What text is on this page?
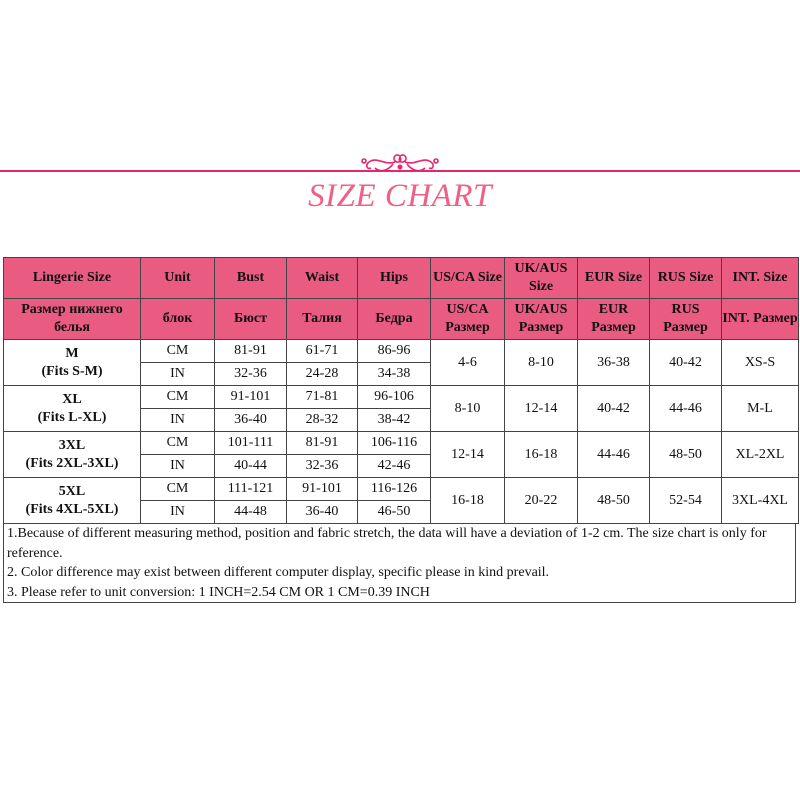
SIZE CHART
Lingerie Size	Unit	Bust	Waist	Hips	US/CA Size	UK/AUS Size	EUR Size	RUS Size	INT. Size
Размер нижнего белья	блок	Бюст	Талия	Бедра	US/CA Размер	UK/AUS Размер	EUR Размер	RUS Размер	INT. Размер

M
(Fits S-M)	CM	81-91	61-71	86-96	4-6	8-10	36-38	40-42	XS-S
	IN	32-36	24-28	34-38					

XL
(Fits L-XL)	CM	91-101	71-81	96-106	8-10	12-14	40-42	44-46	M-L
	IN	36-40	28-32	38-42					

3XL
(Fits 2XL-3XL)	CM	101-111	81-91	106-116	12-14	16-18	44-46	48-50	XL-2XL
	IN	40-44	32-36	42-46					

5XL
(Fits 4XL-5XL)	CM	111-121	91-101	116-126	16-18	20-22	48-50	52-54	3XL-4XL
	IN	44-48	36-40	46-50					
1.Because of different measuring method, position and fabric stretch, the data will have a deviation of 1-2 cm. The size chart is only for reference.
2. Color difference may exist between different computer display, specific please in kind prevail.
3. Please refer to unit conversion: 1 INCH=2.54 CM OR 1 CM=0.39 INCH
